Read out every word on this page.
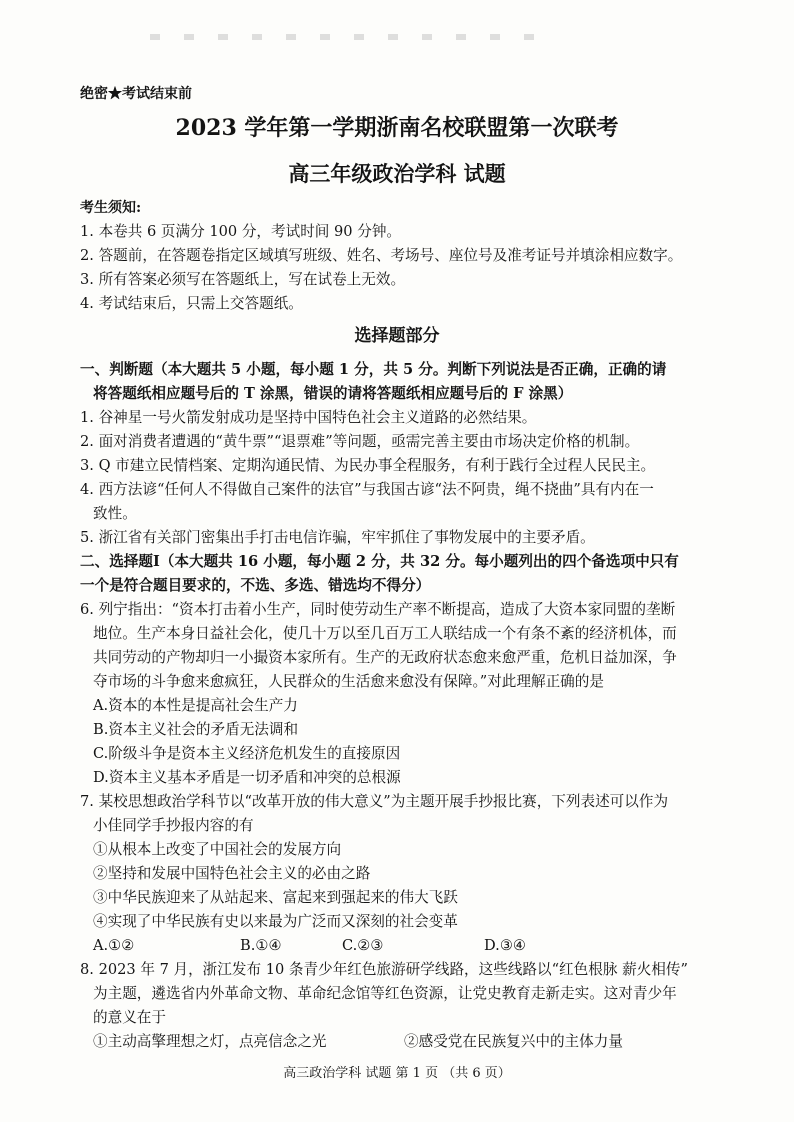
绝密★考试结束前
2023 学年第一学期浙南名校联盟第一次联考
高三年级政治学科 试题
考生须知:
1. 本卷共 6 页满分 100 分，考试时间 90 分钟。
2. 答题前，在答题卷指定区域填写班级、姓名、考场号、座位号及准考证号并填涂相应数字。
3. 所有答案必须写在答题纸上，写在试卷上无效。
4. 考试结束后，只需上交答题纸。
选择题部分
一、判断题（本大题共 5 小题，每小题 1 分，共 5 分。判断下列说法是否正确，正确的请
将答题纸相应题号后的 T 涂黑，错误的请将答题纸相应题号后的 F 涂黑）
1. 谷神星一号火箭发射成功是坚持中国特色社会主义道路的必然结果。
2. 面对消费者遭遇的“黄牛票”“退票难”等问题，亟需完善主要由市场决定价格的机制。
3. Q 市建立民情档案、定期沟通民情、为民办事全程服务，有利于践行全过程人民民主。
4. 西方法谚“任何人不得做自己案件的法官”与我国古谚“法不阿贵，绳不挠曲”具有内在一
致性。
5. 浙江省有关部门密集出手打击电信诈骗，牢牢抓住了事物发展中的主要矛盾。
二、选择题Ⅰ（本大题共 16 小题，每小题 2 分，共 32 分。每小题列出的四个备选项中只有
一个是符合题目要求的，不选、多选、错选均不得分）
6. 列宁指出：“资本打击着小生产，同时使劳动生产率不断提高，造成了大资本家同盟的垄断
地位。生产本身日益社会化，使几十万以至几百万工人联结成一个有条不紊的经济机体，而
共同劳动的产物却归一小撮资本家所有。生产的无政府状态愈来愈严重，危机日益加深，争
夺市场的斗争愈来愈疯狂，人民群众的生活愈来愈没有保障。”对此理解正确的是
A.资本的本性是提高社会生产力
B.资本主义社会的矛盾无法调和
C.阶级斗争是资本主义经济危机发生的直接原因
D.资本主义基本矛盾是一切矛盾和冲突的总根源
7. 某校思想政治学科节以“改革开放的伟大意义”为主题开展手抄报比赛，下列表述可以作为
小佳同学手抄报内容的有
①从根本上改变了中国社会的发展方向
②坚持和发展中国特色社会主义的必由之路
③中华民族迎来了从站起来、富起来到强起来的伟大飞跃
④实现了中华民族有史以来最为广泛而又深刻的社会变革
A.①②	B.①④	C.②③	D.③④
8. 2023 年 7 月，浙江发布 10 条青少年红色旅游研学线路，这些线路以“红色根脉 薪火相传”
为主题，遴选省内外革命文物、革命纪念馆等红色资源，让党史教育走新走实。这对青少年
的意义在于
①主动高擎理想之灯，点亮信念之光	②感受党在民族复兴中的主体力量
高三政治学科 试题 第 1 页 （共 6 页）
